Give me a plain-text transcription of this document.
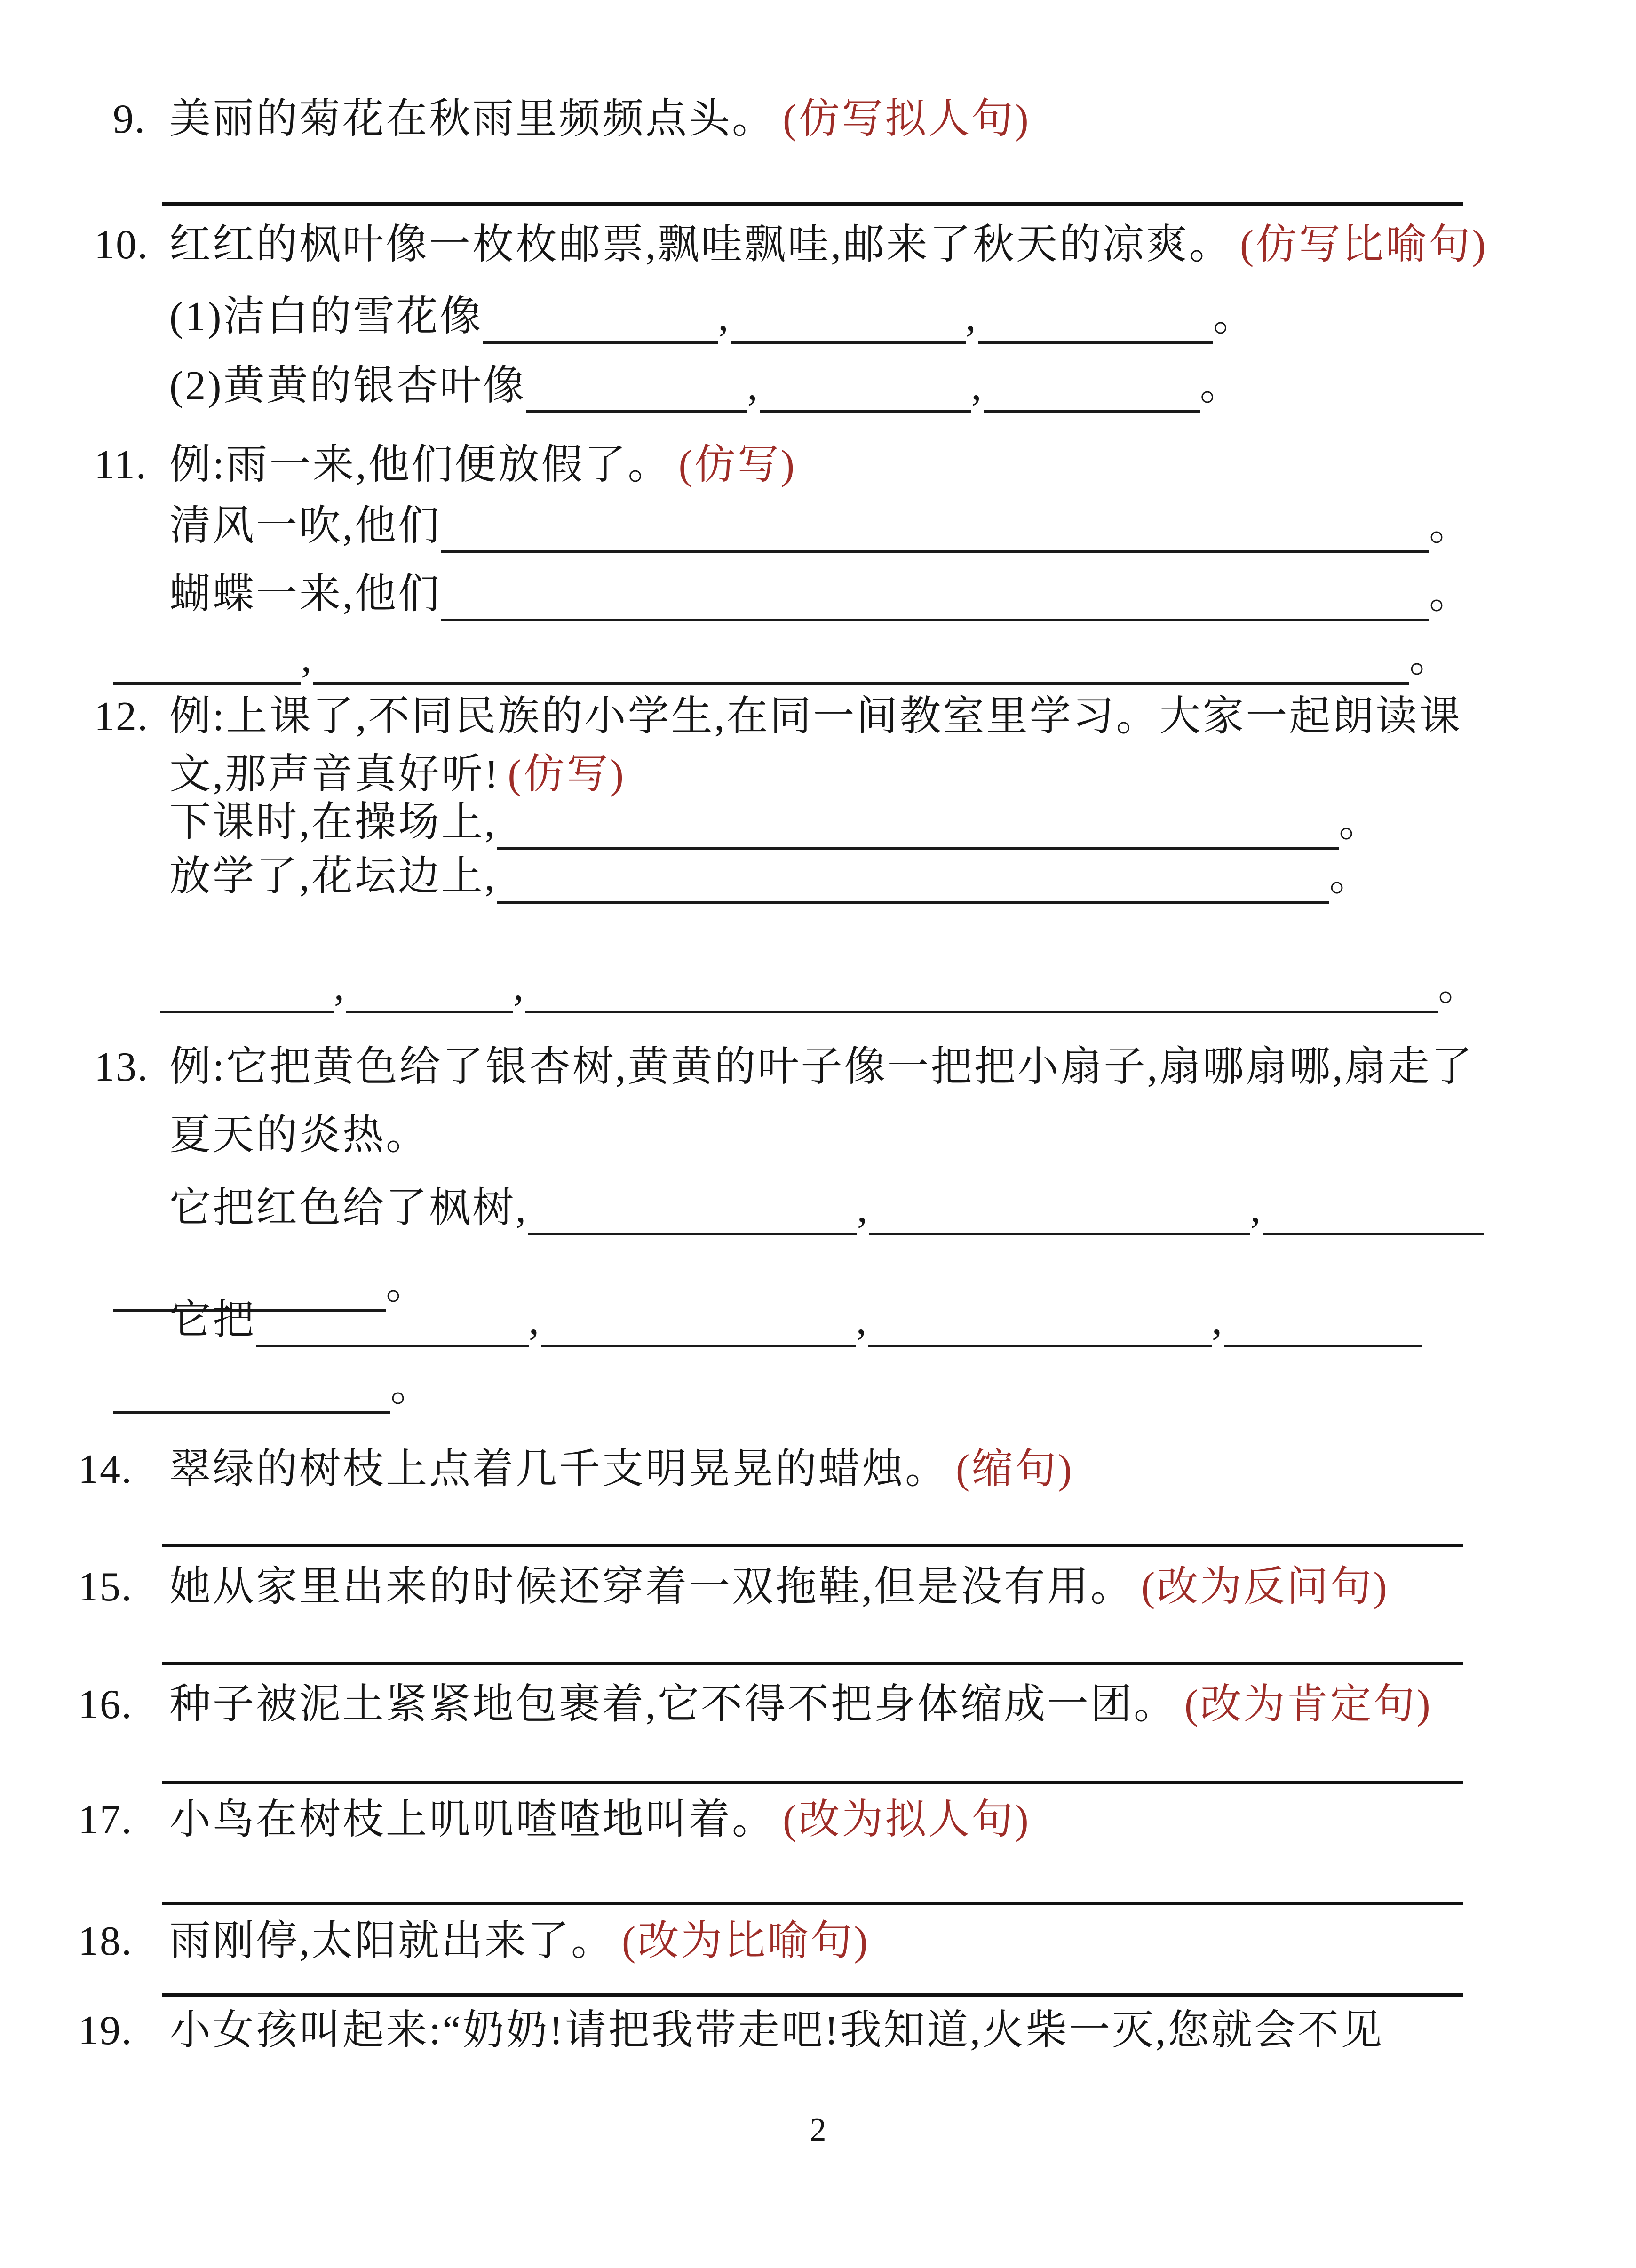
9. 美丽的菊花在秋雨里频频点头。 (仿写拟人句)
10. 红红的枫叶像一枚枚邮票,飘哇飘哇,邮来了秋天的凉爽。 (仿写比喻句)
(1)洁白的雪花像	,	,	。
(2)黄黄的银杏叶像	,	,	。
11. 例:雨一来,他们便放假了。 (仿写)
清风一吹,他们	。
蝴蝶一来,他们	。
,	。
12. 例:上课了,不同民族的小学生,在同一间教室里学习。大家一起朗读课
文,那声音真好听! (仿写)
下课时,在操场上,	。
放学了,花坛边上,	。
,	,	。
13. 例:它把黄色给了银杏树,黄黄的叶子像一把把小扇子,扇哪扇哪,扇走了
夏天的炎热。
它把红色给了枫树,	,	,
。
它把	,	,	,
。
14. 翠绿的树枝上点着几千支明晃晃的蜡烛。 (缩句)
15. 她从家里出来的时候还穿着一双拖鞋,但是没有用。 (改为反问句)
16. 种子被泥土紧紧地包裹着,它不得不把身体缩成一团。 (改为肯定句)
17. 小鸟在树枝上叽叽喳喳地叫着。 (改为拟人句)
18. 雨刚停,太阳就出来了。 (改为比喻句)
19. 小女孩叫起来:“奶奶!请把我带走吧!我知道,火柴一灭,您就会不见
2
